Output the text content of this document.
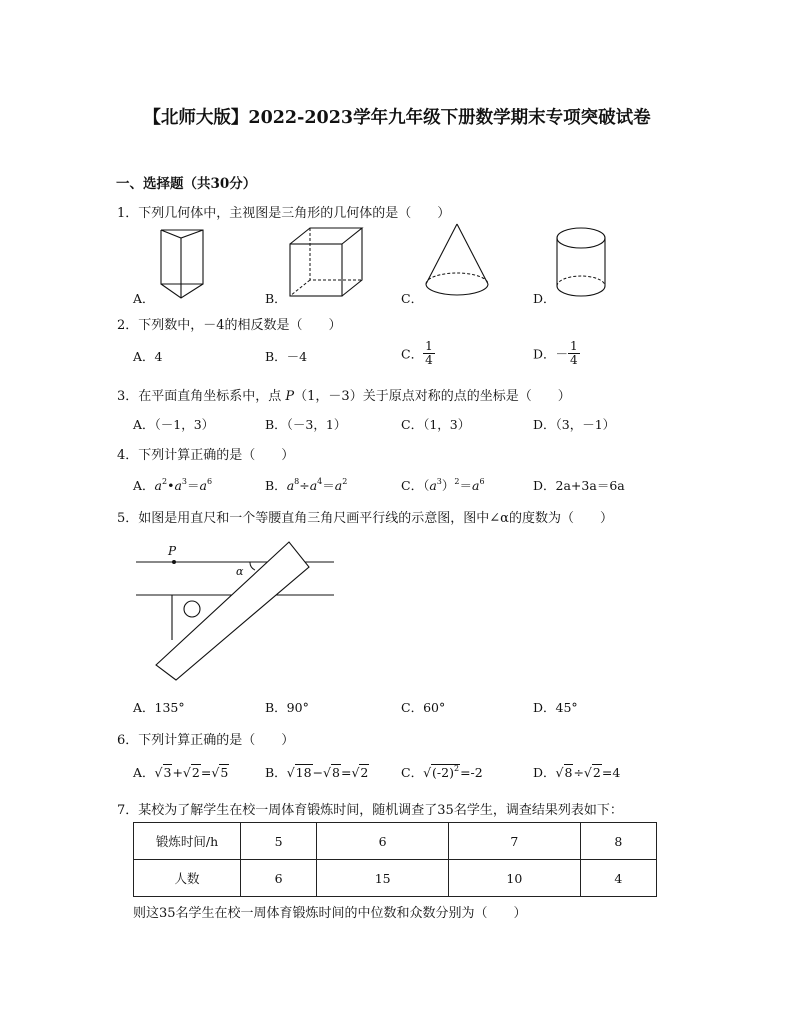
【北师大版】2022-2023学年九年级下册数学期末专项突破试卷
一、选择题（共30分）
1．下列几何体中，主视图是三角形的几何体的是（　　）
A．	B．	C．	D．
2．下列数中，－4的相反数是（　　）
A．4	B．－4	C． $\frac{1}{4}$	D．－ $\frac{1}{4}$
3．在平面直角坐标系中，点 P（1，－3）关于原点对称的点的坐标是（　　）
A．（－1，3）	B．（－3，1）	C．（1，3）	D．（3，－1）
4．下列计算正确的是（　　）
A．$a^2•a^3=a^6$	B．$a^8\div a^4=a^2$	C．$(a^3)^2=a^6$	D．2a+3a＝6a
5．如图是用直尺和一个等腰直角三角尺画平行线的示意图，图中∠α的度数为（　　）
P
α
A．135°	B．90°	C．60°	D．45°
6．下列计算正确的是（　　）
A．√3+√2=√5	B．√18−√8=√2	C．$√(-2)^2=-2$	D．√8÷√2=4
7．某校为了解学生在校一周体育锻炼时间，随机调查了35名学生，调查结果列表如下：
锻炼时间/h	5	6	7	8
人数	6	15	10	4
则这35名学生在校一周体育锻炼时间的中位数和众数分别为（　　）
